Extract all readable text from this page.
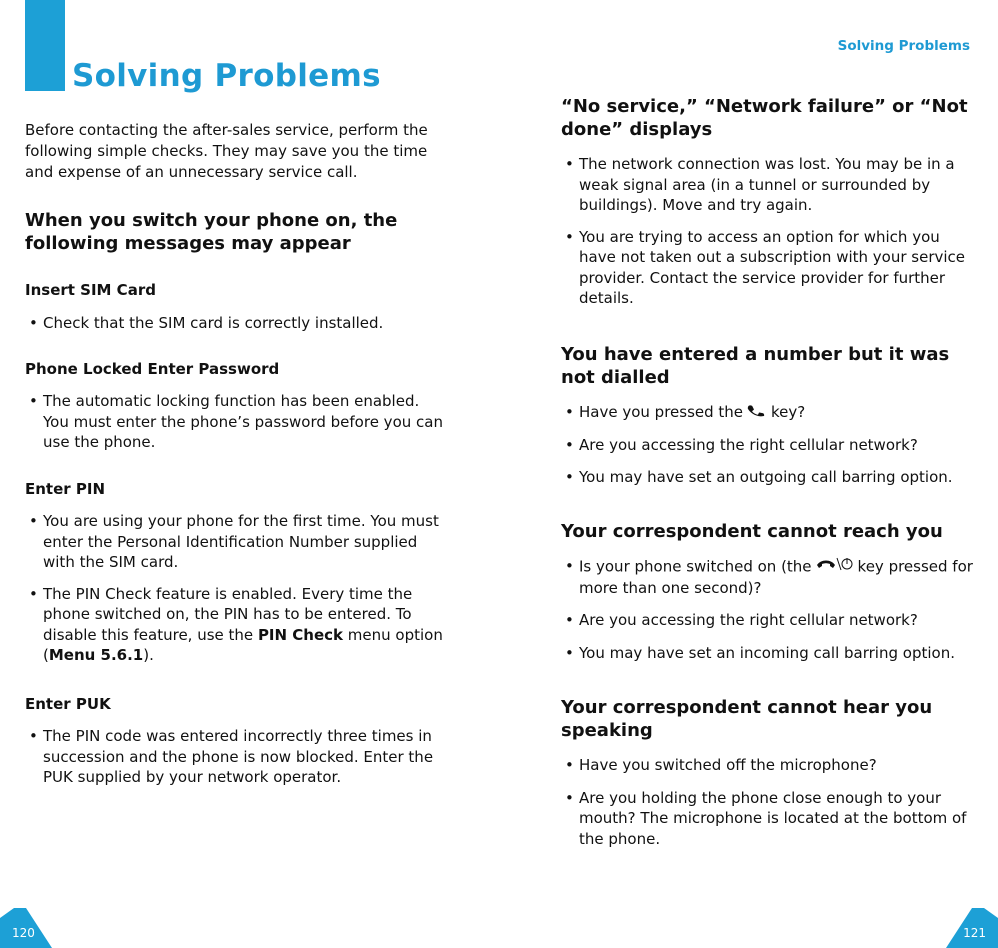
Solving Problems

Before contacting the after-sales service, perform the following simple checks. They may save you the time and expense of an unnecessary service call.

When you switch your phone on, the following messages may appear
Insert SIM Card
• Check that the SIM card is correctly installed.
Phone Locked Enter Password
• The automatic locking function has been enabled. You must enter the phone’s password before you can use the phone.
Enter PIN
• You are using your phone for the first time. You must enter the Personal Identification Number supplied with the SIM card.
• The PIN Check feature is enabled. Every time the phone switched on, the PIN has to be entered. To disable this feature, use the PIN Check menu option (Menu 5.6.1).
Enter PUK
• The PIN code was entered incorrectly three times in succession and the phone is now blocked. Enter the PUK supplied by your network operator.
120
Solving Problems
“No service,” “Network failure” or “Not done” displays
• The network connection was lost. You may be in a weak signal area (in a tunnel or surrounded by buildings). Move and try again.
• You are trying to access an option for which you have not taken out a subscription with your service provider. Contact the service provider for further details.
You have entered a number but it was not dialled
• Have you pressed the key?
• Are you accessing the right cellular network?
• You may have set an outgoing call barring option.
Your correspondent cannot reach you
• Is your phone switched on (the	key pressed for more than one second)?
• Are you accessing the right cellular network?
• You may have set an incoming call barring option.
Your correspondent cannot hear you speaking
• Have you switched off the microphone?
• Are you holding the phone close enough to your mouth? The microphone is located at the bottom of the phone.
121
